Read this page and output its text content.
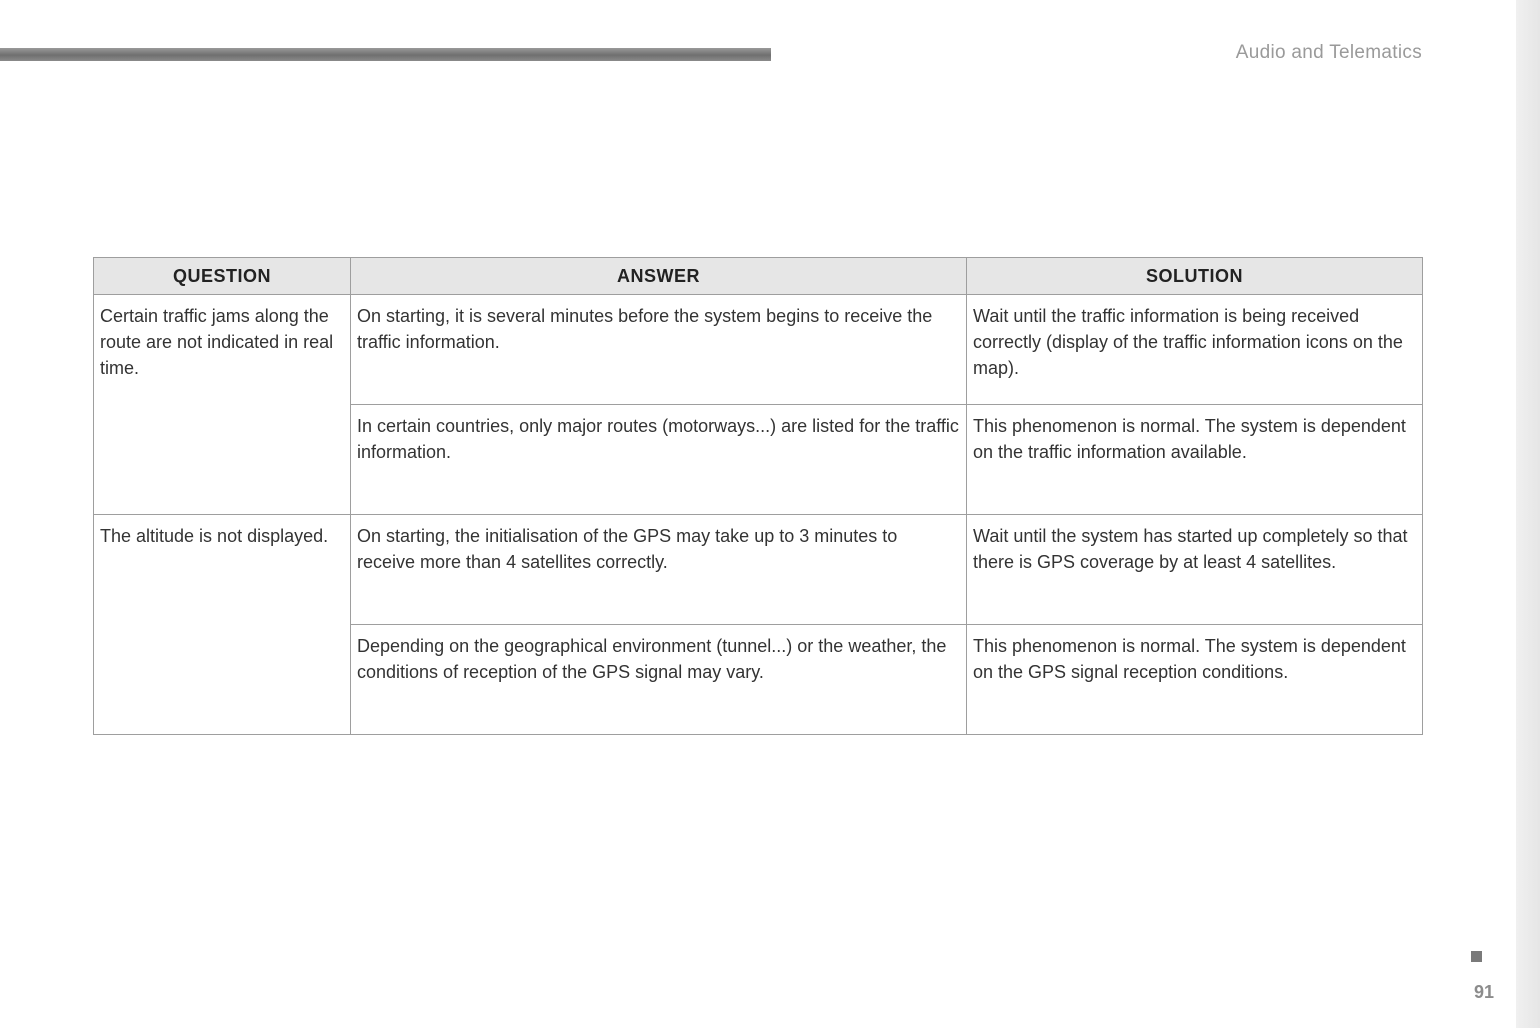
Audio and Telematics
QUESTION	ANSWER	SOLUTION
Certain traffic jams along the route are not indicated in real time.	On starting, it is several minutes before the system begins to receive the traffic information.	Wait until the traffic information is being received correctly (display of the traffic information icons on the map).
	In certain countries, only major routes (motorways...) are listed for the traffic information.	This phenomenon is normal. The system is dependent on the traffic information available.
The altitude is not displayed.	On starting, the initialisation of the GPS may take up to 3 minutes to receive more than 4 satellites correctly.	Wait until the system has started up completely so that there is GPS coverage by at least 4 satellites.
	Depending on the geographical environment (tunnel...) or the weather, the conditions of reception of the GPS signal may vary.	This phenomenon is normal. The system is dependent on the GPS signal reception conditions.
91
